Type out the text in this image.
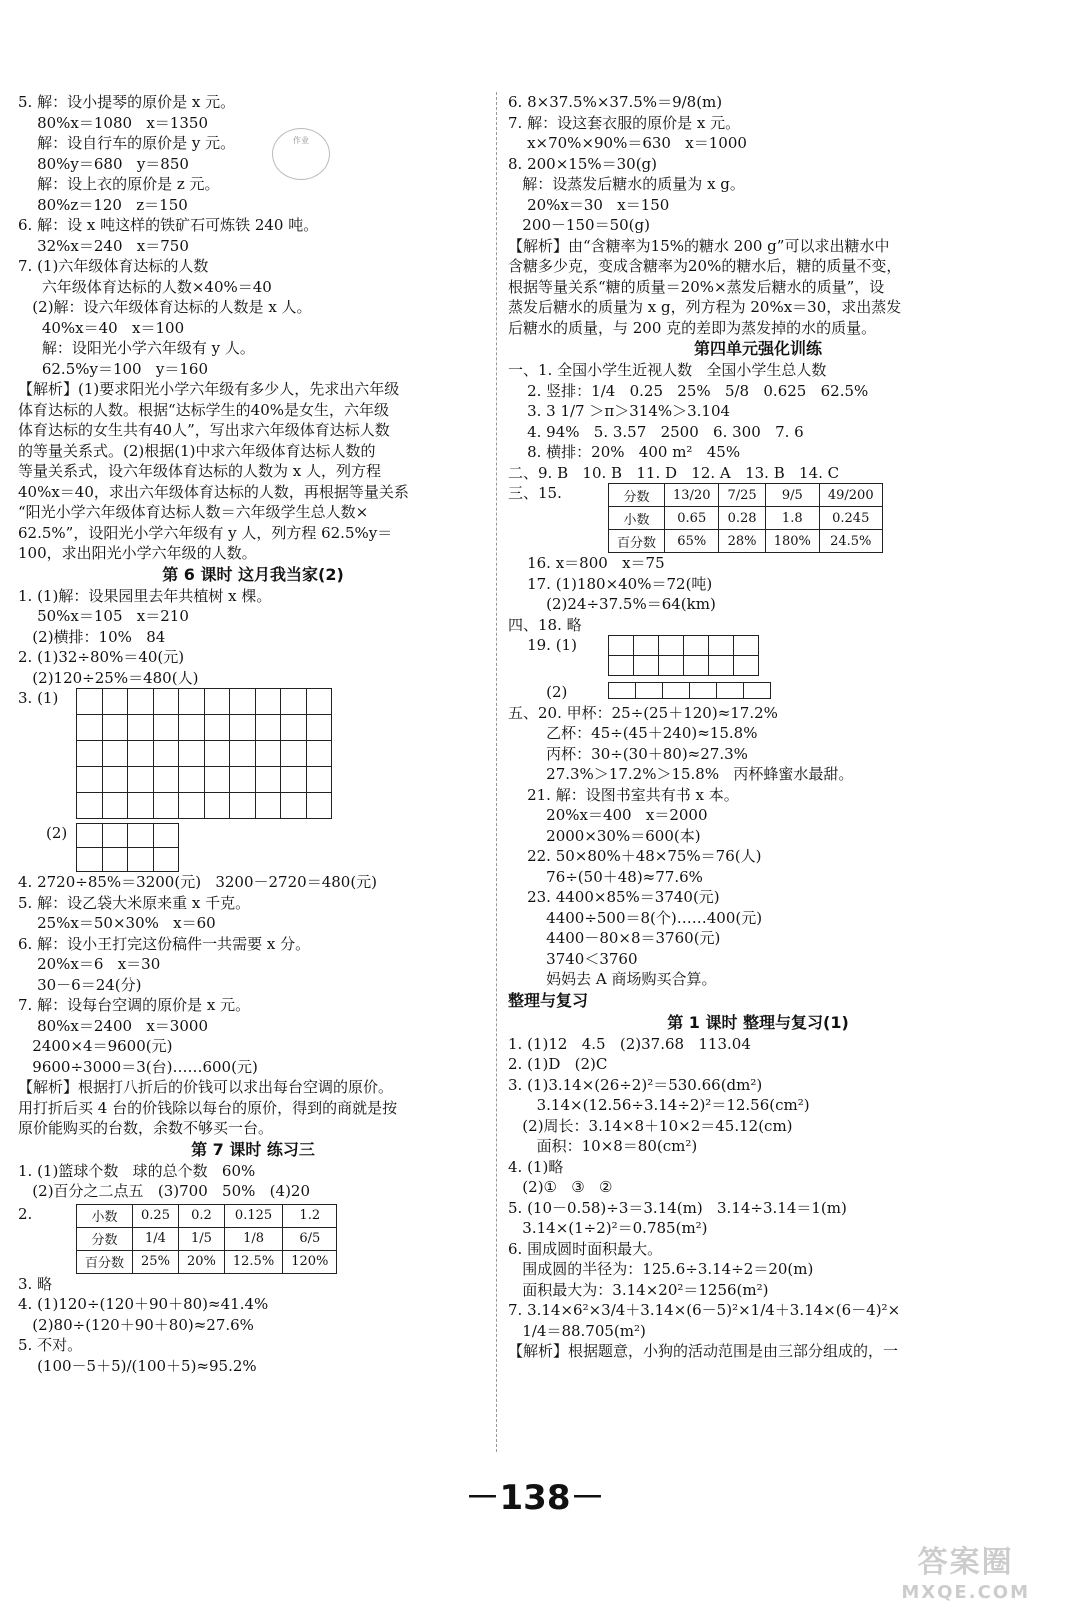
作业
5. 解：设小提琴的原价是 x 元。
80%x＝1080   x＝1350
解：设自行车的原价是 y 元。
80%y＝680   y＝850
解：设上衣的原价是 z 元。
80%z＝120   z＝150
6. 解：设 x 吨这样的铁矿石可炼铁 240 吨。
32%x＝240   x＝750
7. (1)六年级体育达标的人数
六年级体育达标的人数×40%＝40
(2)解：设六年级体育达标的人数是 x 人。
40%x＝40   x＝100
解：设阳光小学六年级有 y 人。
62.5%y＝100   y＝160
【解析】(1)要求阳光小学六年级有多少人，先求出六年级
体育达标的人数。根据“达标学生的40%是女生，六年级
体育达标的女生共有40人”，写出求六年级体育达标人数
的等量关系式。(2)根据(1)中求六年级体育达标人数的
等量关系式，设六年级体育达标的人数为 x 人，列方程
40%x＝40，求出六年级体育达标的人数，再根据等量关系
“阳光小学六年级体育达标人数＝六年级学生总人数×
62.5%”，设阳光小学六年级有 y 人，列方程 62.5%y＝
100，求出阳光小学六年级的人数。
第 6 课时 这月我当家(2)
1. (1)解：设果园里去年共植树 x 棵。
50%x＝105   x＝210
(2)横排：10%   84
2. (1)32÷80%＝40(元)
(2)120÷25%＝480(人)
3. (1)
(2)
4. 2720÷85%＝3200(元)   3200－2720＝480(元)
5. 解：设乙袋大米原来重 x 千克。
25%x＝50×30%   x＝60
6. 解：设小王打完这份稿件一共需要 x 分。
20%x＝6   x＝30
30－6＝24(分)
7. 解：设每台空调的原价是 x 元。
80%x＝2400   x＝3000
2400×4＝9600(元)
9600÷3000＝3(台)……600(元)
【解析】根据打八折后的价钱可以求出每台空调的原价。
用打折后买 4 台的价钱除以每台的原价，得到的商就是按
原价能购买的台数，余数不够买一台。
第 7 课时 练习三
1. (1)篮球个数   球的总个数   60%
(2)百分之二点五   (3)700   50%   (4)20
2.	小数	0.25	0.2	0.125	1.2
分数	1/4	1/5	1/8	6/5
百分数	25%	20%	12.5%	120%
3. 略
4. (1)120÷(120＋90＋80)≈41.4%
(2)80÷(120＋90＋80)≈27.6%
5. 不对。
(100－5＋5)/(100＋5)≈95.2%
6. 8×37.5%×37.5%＝9/8(m)
7. 解：设这套衣服的原价是 x 元。
x×70%×90%＝630   x＝1000
8. 200×15%＝30(g)
解：设蒸发后糖水的质量为 x g。
20%x＝30   x＝150
200－150＝50(g)
【解析】由“含糖率为15%的糖水 200 g”可以求出糖水中
含糖多少克，变成含糖率为20%的糖水后，糖的质量不变，
根据等量关系“糖的质量＝20%×蒸发后糖水的质量”，设
蒸发后糖水的质量为 x g，列方程为 20%x＝30，求出蒸发
后糖水的质量，与 200 克的差即为蒸发掉的水的质量。
第四单元强化训练
一、1. 全国小学生近视人数   全国小学生总人数
2. 竖排：1/4   0.25   25%   5/8   0.625   62.5%
3. 3 1/7 ＞π＞314%＞3.104
4. 94%   5. 3.57   2500   6. 300   7. 6
8. 横排：20%   400 m²   45%
二、9. B   10. B   11. D   12. A   13. B   14. C
三、15.	分数	13/20	7/25	9/5	49/200
小数	0.65	0.28	1.8	0.245
百分数	65%	28%	180%	24.5%
16. x＝800   x＝75
17. (1)180×40%＝72(吨)
(2)24÷37.5%＝64(km)
四、18. 略
19. (1)
(2)
五、20. 甲杯：25÷(25＋120)≈17.2%
乙杯：45÷(45＋240)≈15.8%
丙杯：30÷(30＋80)≈27.3%
27.3%＞17.2%＞15.8%   丙杯蜂蜜水最甜。
21. 解：设图书室共有书 x 本。
20%x＝400   x＝2000
2000×30%＝600(本)
22. 50×80%＋48×75%＝76(人)
76÷(50＋48)≈77.6%
23. 4400×85%＝3740(元)
4400÷500＝8(个)……400(元)
4400－80×8＝3760(元)
3740＜3760
妈妈去 A 商场购买合算。
整理与复习
第 1 课时 整理与复习(1)
1. (1)12   4.5   (2)37.68   113.04
2. (1)D   (2)C
3. (1)3.14×(26÷2)²＝530.66(dm²)
3.14×(12.56÷3.14÷2)²＝12.56(cm²)
(2)周长：3.14×8＋10×2＝45.12(cm)
面积：10×8＝80(cm²)
4. (1)略
(2)①   ③   ②
5. (10－0.58)÷3＝3.14(m)   3.14÷3.14＝1(m)
3.14×(1÷2)²＝0.785(m²)
6. 围成圆时面积最大。
围成圆的半径为：125.6÷3.14÷2＝20(m)
面积最大为：3.14×20²＝1256(m²)
7. 3.14×6²×3/4＋3.14×(6－5)²×1/4＋3.14×(6－4)²×
1/4＝88.705(m²)
【解析】根据题意，小狗的活动范围是由三部分组成的，一
－138－
答案圈
MXQE.COM
